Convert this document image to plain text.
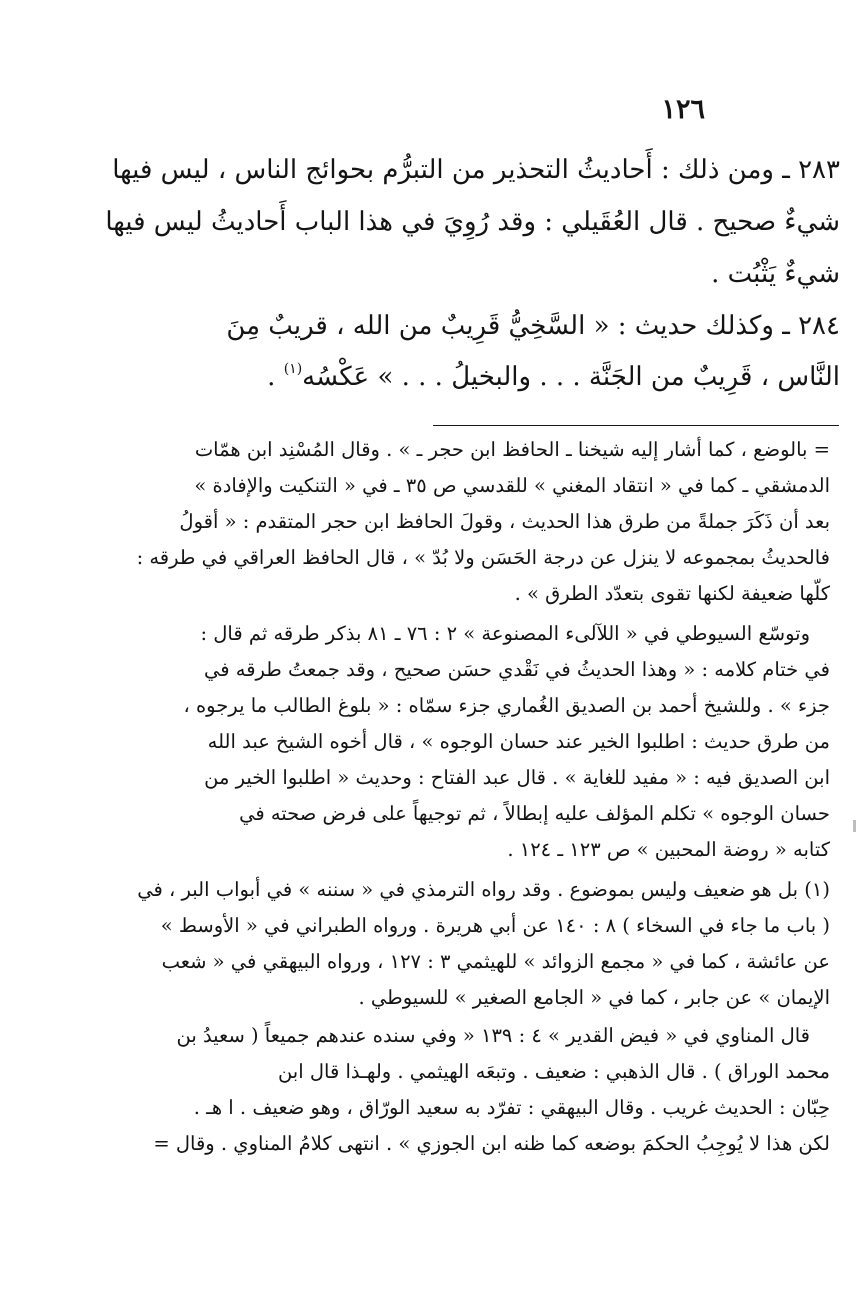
١٢٦
٢٨٣ ـ ومن ذلك : أَحاديثُ التحذير من التبرُّم بحوائج الناس ، ليس فيها
شيءٌ صحيح . قال العُقَيلي : وقد رُوِيَ في هذا الباب أَحاديثُ ليس فيها
شيءٌ يَثْبُت .
٢٨٤ ـ وكذلك حديث : « السَّخِيُّ قَرِيبٌ من الله ، قريبٌ مِنَ
النَّاس ، قَرِيبٌ من الجَنَّة . . . والبخيلُ . . . » عَكْسُه$^{(١)}$ .
= بالوضع ، كما أشار إليه شيخنا ـ الحافظ ابن حجر ـ » . وقال المُسْنِد ابن همّات
الدمشقي ـ كما في « انتقاد المغني » للقدسي ص ٣٥ ـ في « التنكيت والإفادة »
بعد أن ذَكَرَ جملةً من طرق هذا الحديث ، وقولَ الحافظ ابن حجر المتقدم : « أقولُ
فالحديثُ بمجموعه لا ينزل عن درجة الحَسَن ولا بُدّ » ، قال الحافظ العراقي في طرقه :
كلّها ضعيفة لكنها تقوى بتعدّد الطرق » .
وتوسّع السيوطي في « اللآلىء المصنوعة » ٢ : ٧٦ ـ ٨١ بذكر طرقه ثم قال :
في ختام كلامه : « وهذا الحديثُ في نَقْدي حسَن صحيح ، وقد جمعتُ طرقه في
جزء » . وللشيخ أحمد بن الصديق الغُماري جزء سمّاه : « بلوغ الطالب ما يرجوه ،
من طرق حديث : اطلبوا الخير عند حسان الوجوه » ، قال أخوه الشيخ عبد الله
ابن الصديق فيه : « مفيد للغاية » . قال عبد الفتاح : وحديث « اطلبوا الخير من
حسان الوجوه » تكلم المؤلف عليه إبطالاً ، ثم توجيهاً على فرض صحته في
كتابه « روضة المحبين » ص ١٢٣ ـ ١٢٤ .
(١) بل هو ضعيف وليس بموضوع . وقد رواه الترمذي في « سننه » في أبواب البر ، في
( باب ما جاء في السخاء ) ٨ : ١٤٠ عن أبي هريرة . ورواه الطبراني في « الأوسط »
عن عائشة ، كما في « مجمع الزوائد » للهيثمي ٣ : ١٢٧ ، ورواه البيهقي في « شعب
الإيمان » عن جابر ، كما في « الجامع الصغير » للسيوطي .
قال المناوي في « فيض القدير » ٤ : ١٣٩ « وفي سنده عندهم جميعاً ( سعيدُ بن
محمد الوراق ) . قال الذهبي : ضعيف . وتبعَه الهيثمي . ولهـذا قال ابن
حِبّان : الحديث غريب . وقال البيهقي : تفرّد به سعيد الورّاق ، وهو ضعيف . ا هـ .
لكن هذا لا يُوجِبُ الحكمَ بوضعه كما ظنه ابن الجوزي » . انتهى كلامُ المناوي . وقال =
